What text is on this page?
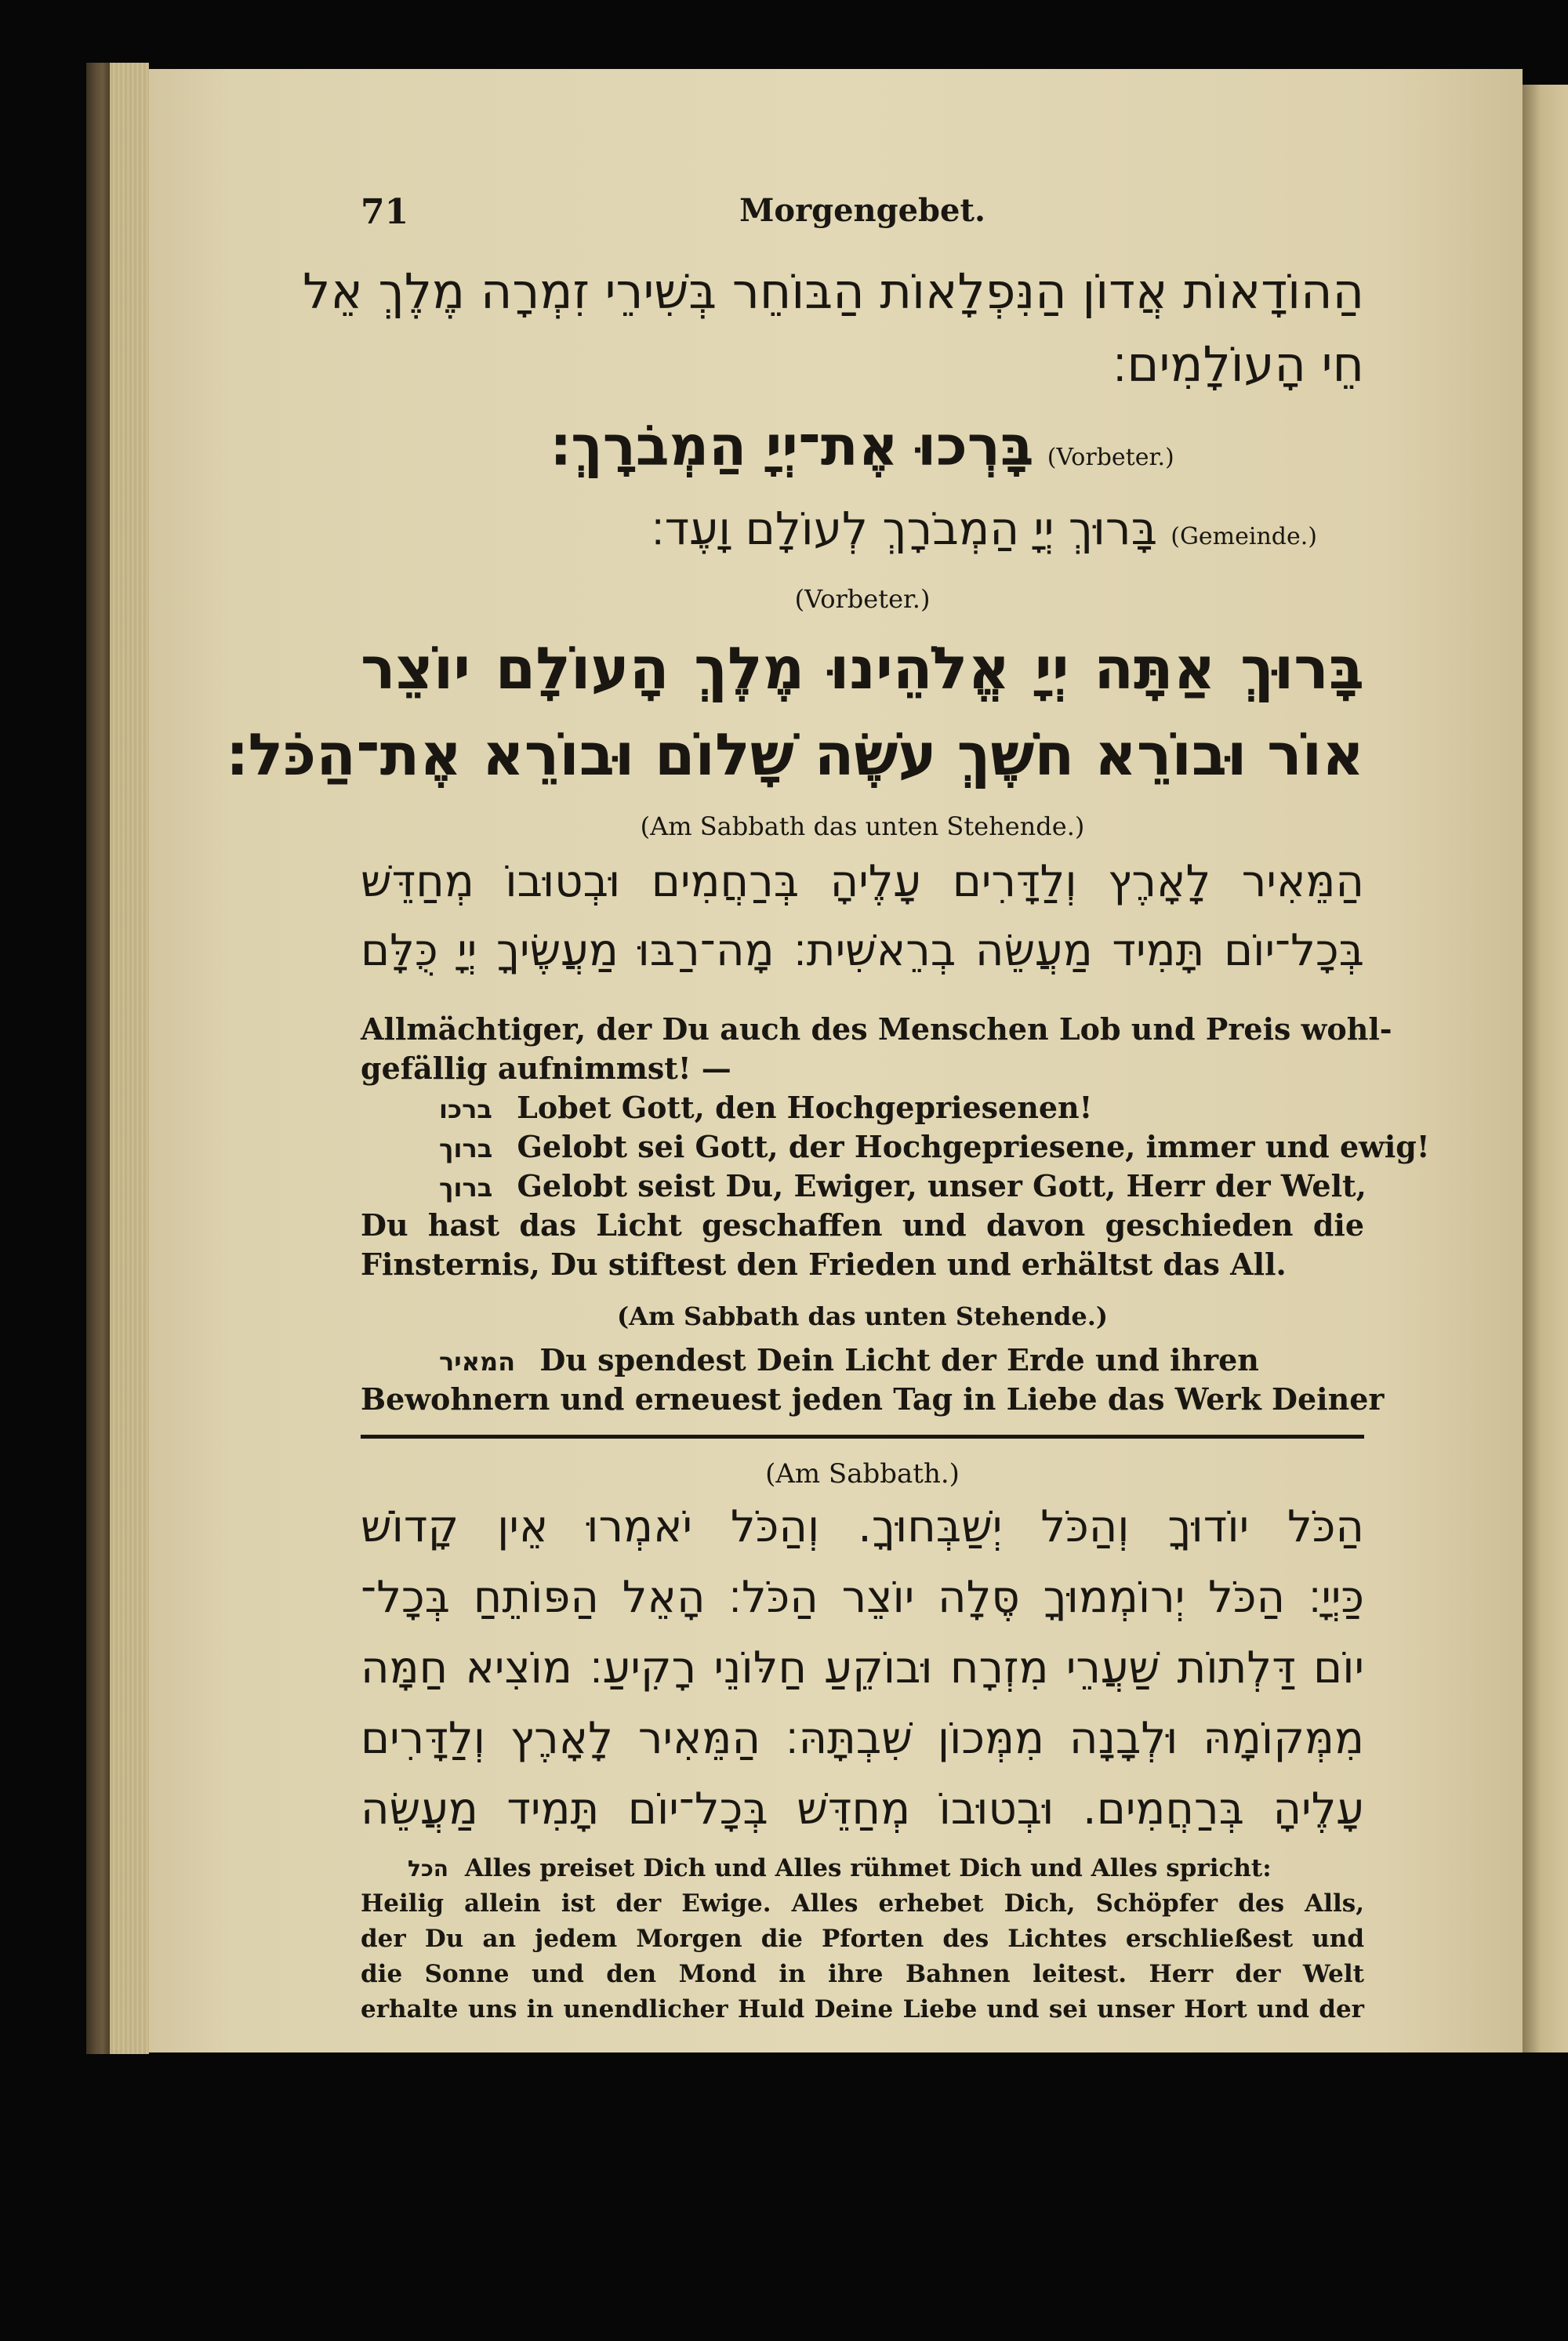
71	Morgengebet.
הַהוֹדָאוֹת אֲדוֹן הַנִּפְלָאוֹת הַבּוֹחֵר בְּשִׁירֵי זִמְרָה מֶלֶךְ אֵל
חֵי הָעוֹלָמִים׃
בָּרְכוּ אֶת־יְיָ הַמְבֹרָךְ׃ (Vorbeter.)
בָּרוּךְ יְיָ הַמְבֹרָךְ לְעוֹלָם וָעֶד׃ (Gemeinde.)
(Vorbeter.)
בָּרוּךְ אַתָּה יְיָ אֱלֹהֵינוּ מֶלֶךְ הָעוֹלָם יוֹצֵר
אוֹר וּבוֹרֵא חֹשֶׁךְ עֹשֶׂה שָׁלוֹם וּבוֹרֵא אֶת־הַכֹּל׃
(Am Sabbath das unten Stehende.)
הַמֵּאִיר לָאָרֶץ וְלַדָּרִים עָלֶיהָ בְּרַחֲמִים וּבְטוּבוֹ מְחַדֵּשׁ
בְּכָל־יוֹם תָּמִיד מַעֲשֵׂה בְרֵאשִׁית׃ מָה־רַבּוּ מַעֲשֶׂיךָ יְיָ כֻּלָּם
Allmächtiger, der Du auch des Menschen Lob und Preis wohl-
gefällig aufnimmst! —
ברכו Lobet Gott, den Hochgepriesenen!
ברוך Gelobt sei Gott, der Hochgepriesene, immer und ewig!
ברוך Gelobt seist Du, Ewiger, unser Gott, Herr der Welt,
Du hast das Licht geschaffen und davon geschieden die
Finsternis, Du stiftest den Frieden und erhältst das All.
(Am Sabbath das unten Stehende.)
המאיר Du spendest Dein Licht der Erde und ihren
Bewohnern und erneuest jeden Tag in Liebe das Werk Deiner
(Am Sabbath.)
הַכֹּל יוֹדוּךָ וְהַכֹּל יְשַׁבְּחוּךָ. וְהַכֹּל יֹאמְרוּ אֵין קָדוֹשׁ
כַּיְיָ׃ הַכֹּל יְרוֹמְמוּךָ סֶּלָה יוֹצֵר הַכֹּל׃ הָאֵל הַפּוֹתֵחַ בְּכָל־
יוֹם דַּלְתוֹת שַׁעֲרֵי מִזְרָח וּבוֹקֵעַ חַלּוֹנֵי רָקִיעַ׃ מוֹצִיא חַמָּה
מִמְּקוֹמָהּ וּלְבָנָה מִמְּכוֹן שִׁבְתָּהּ׃ הַמֵּאִיר לָאָרֶץ וְלַדָּרִים
עָלֶיהָ בְּרַחֲמִים. וּבְטוּבוֹ מְחַדֵּשׁ בְּכָל־יוֹם תָּמִיד מַעֲשֵׂה
הכל Alles preiset Dich und Alles rühmet Dich und Alles spricht:
Heilig allein ist der Ewige. Alles erhebet Dich, Schöpfer des Alls,
der Du an jedem Morgen die Pforten des Lichtes erschließest und
die Sonne und den Mond in ihre Bahnen leitest. Herr der Welt
erhalte uns in unendlicher Huld Deine Liebe und sei unser Hort und der
